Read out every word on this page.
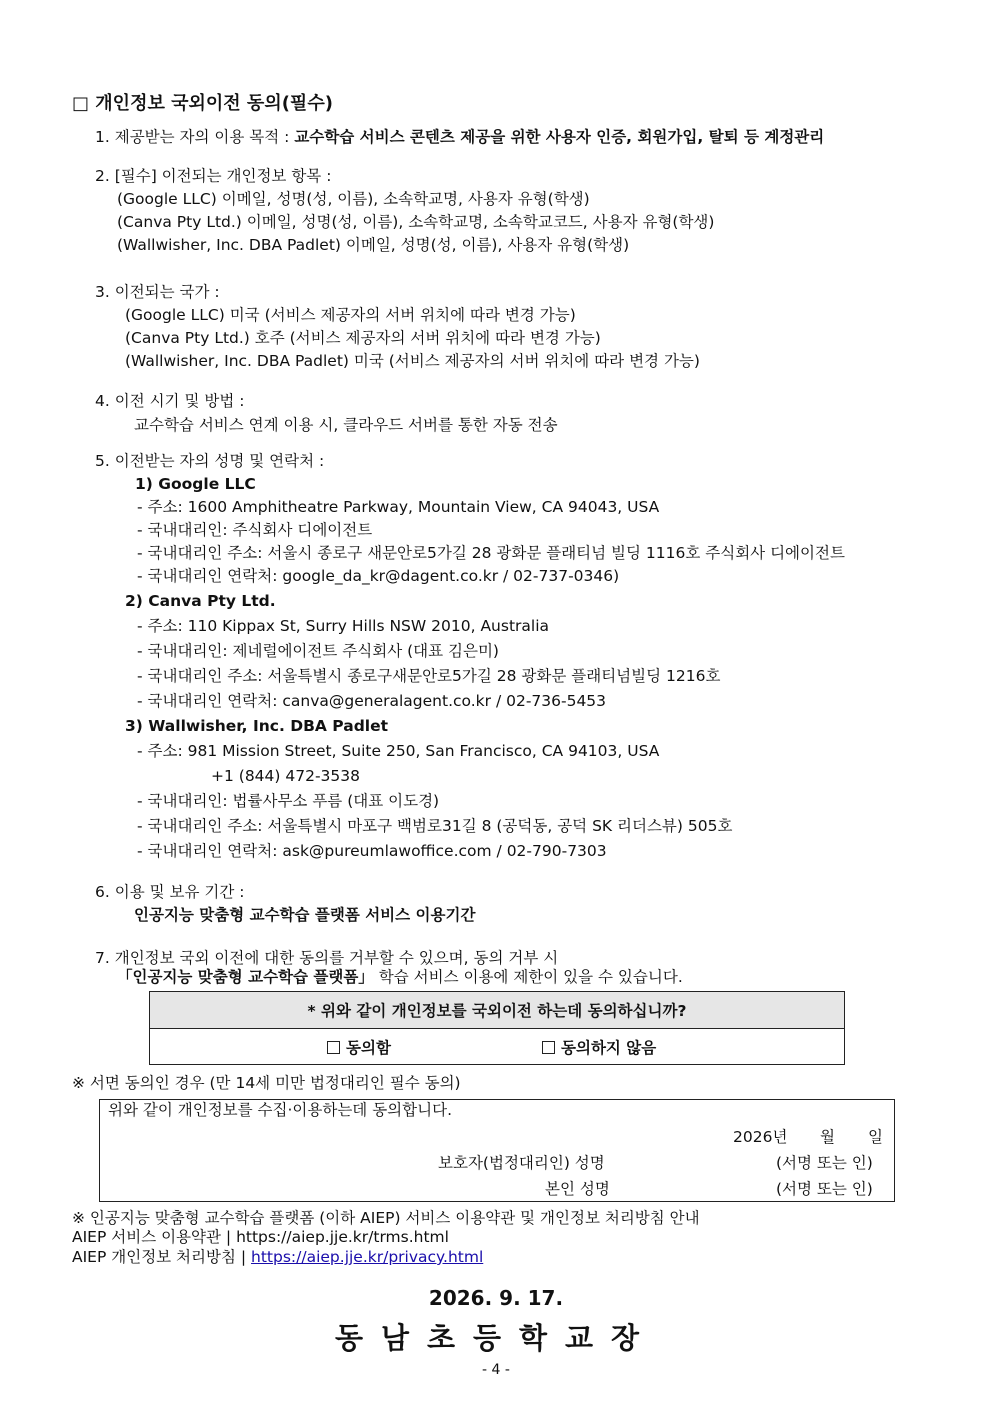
□ 개인정보 국외이전 동의(필수)
1. 제공받는 자의 이용 목적 : 교수학습 서비스 콘텐츠 제공을 위한 사용자 인증, 회원가입, 탈퇴 등 계정관리
2. [필수] 이전되는 개인정보 항목 :
(Google LLC) 이메일, 성명(성, 이름), 소속학교명, 사용자 유형(학생)
(Canva Pty Ltd.) 이메일, 성명(성, 이름), 소속학교명, 소속학교코드, 사용자 유형(학생)
(Wallwisher, Inc. DBA Padlet) 이메일, 성명(성, 이름), 사용자 유형(학생)
3. 이전되는 국가 :
(Google LLC) 미국 (서비스 제공자의 서버 위치에 따라 변경 가능)
(Canva Pty Ltd.) 호주 (서비스 제공자의 서버 위치에 따라 변경 가능)
(Wallwisher, Inc. DBA Padlet) 미국 (서비스 제공자의 서버 위치에 따라 변경 가능)
4. 이전 시기 및 방법 :
교수학습 서비스 연계 이용 시, 클라우드 서버를 통한 자동 전송
5. 이전받는 자의 성명 및 연락처 :
1) Google LLC
- 주소: 1600 Amphitheatre Parkway, Mountain View, CA 94043, USA
- 국내대리인: 주식회사 디에이전트
- 국내대리인 주소: 서울시 종로구 새문안로5가길 28 광화문 플래티넘 빌딩 1116호 주식회사 디에이전트
- 국내대리인 연락처: google_da_kr@dagent.co.kr / 02-737-0346)
2) Canva Pty Ltd.
- 주소: 110 Kippax St, Surry Hills NSW 2010, Australia
- 국내대리인: 제네럴에이전트 주식회사 (대표 김은미)
- 국내대리인 주소: 서울특별시 종로구새문안로5가길 28 광화문 플래티넘빌딩 1216호
- 국내대리인 연락처: canva@generalagent.co.kr / 02-736-5453
3) Wallwisher, Inc. DBA Padlet
- 주소: 981 Mission Street, Suite 250, San Francisco, CA 94103, USA
+1 (844) 472-3538
- 국내대리인: 법률사무소 푸름 (대표 이도경)
- 국내대리인 주소: 서울특별시 마포구 백범로31길 8 (공덕동, 공덕 SK 리더스뷰) 505호
- 국내대리인 연락처: ask@pureumlawoffice.com / 02-790-7303
6. 이용 및 보유 기간 :
인공지능 맞춤형 교수학습 플랫폼 서비스 이용기간
7. 개인정보 국외 이전에 대한 동의를 거부할 수 있으며, 동의 거부 시
「인공지능 맞춤형 교수학습 플랫폼」 학습 서비스 이용에 제한이 있을 수 있습니다.
* 위와 같이 개인정보를 국외이전 하는데 동의하십니까?
동의함	동의하지 않음
※ 서면 동의인 경우 (만 14세 미만 법정대리인 필수 동의)
위와 같이 개인정보를 수집·이용하는데 동의합니다.
2026년 월 일
보호자(법정대리인) 성명	(서명 또는 인)
본인 성명	(서명 또는 인)
※ 인공지능 맞춤형 교수학습 플랫폼 (이하 AIEP) 서비스 이용약관 및 개인정보 처리방침 안내
AIEP 서비스 이용약관 | https://aiep.jje.kr/trms.html
AIEP 개인정보 처리방침 | https://aiep.jje.kr/privacy.html
2026. 9. 17.
동남초등학교장
- 4 -
